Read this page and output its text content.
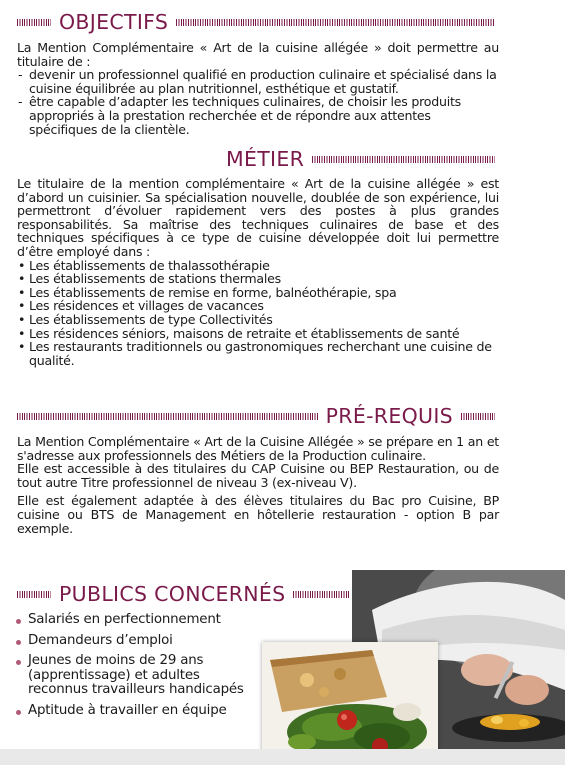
OBJECTIFS

La Mention Complémentaire « Art de la cuisine allégée » doit permettre au titulaire de :

- devenir un professionnel qualifié en production culinaire et spécialisé dans la cuisine équilibrée au plan nutritionnel, esthétique et gustatif.
- être capable d’adapter les techniques culinaires, de choisir les produits appropriés à la prestation recherchée et de répondre aux attentes spécifiques de la clientèle.
MÉTIER

Le titulaire de la mention complémentaire « Art de la cuisine allégée » est d’abord un cuisinier. Sa spécialisation nouvelle, doublée de son expérience, lui permettront d’évoluer rapidement vers des postes à plus grandes responsabilités. Sa maîtrise des techniques culinaires de base et des techniques spécifiques à ce type de cuisine développée doit lui permettre d’être employé dans :

• Les établissements de thalassothérapie
• Les établissements de stations thermales
• Les établissements de remise en forme, balnéothérapie, spa
• Les résidences et villages de vacances
• Les établissements de type Collectivités
• Les résidences séniors, maisons de retraite et établissements de santé
• Les restaurants traditionnels ou gastronomiques recherchant une cuisine de qualité.
PRÉ-REQUIS

La Mention Complémentaire « Art de la Cuisine Allégée » se prépare en 1 an et s'adresse aux professionnels des Métiers de la Production culinaire.

Elle est accessible à des titulaires du CAP Cuisine ou BEP Restauration, ou de tout autre Titre professionnel de niveau 3 (ex-niveau V).

Elle est également adaptée à des élèves titulaires du Bac pro Cuisine, BP cuisine ou BTS de Management en hôtellerie restauration - option B par exemple.

PUBLICS CONCERNÉS
Salariés en perfectionnement
Demandeurs d’emploi
Jeunes de moins de 29 ans (apprentissage) et adultes reconnus travailleurs handicapés
Aptitude à travailler en équipe
